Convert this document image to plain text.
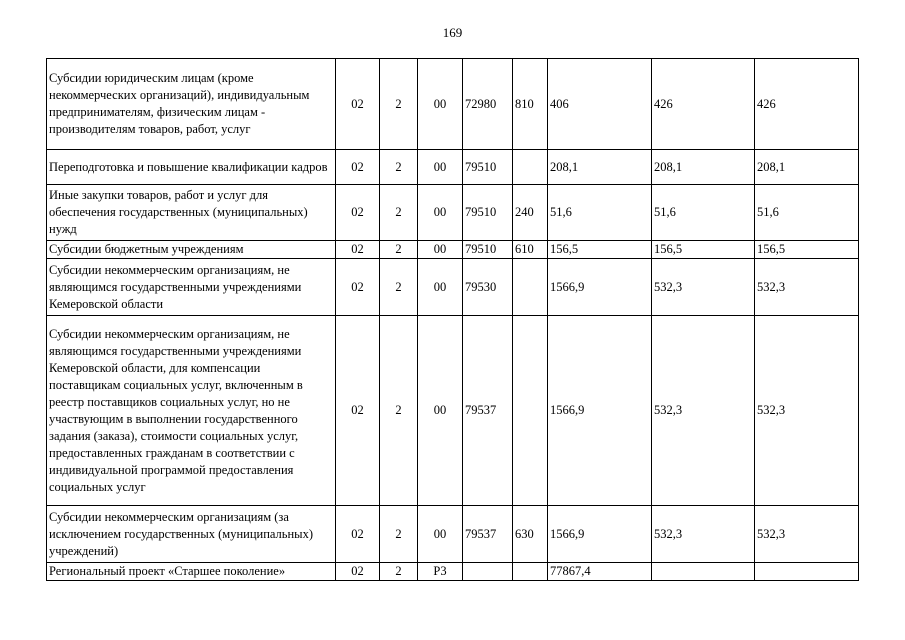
169
Субсидии юридическим лицам (кроме некоммерческих организаций), индивидуальным предпринимателям, физическим лицам - производителям товаров, работ, услуг	02	2	00	72980	810	406	426	426
Переподготовка и повышение квалификации кадров	02	2	00	79510		208,1	208,1	208,1
Иные закупки товаров, работ и услуг для обеспечения государственных (муниципальных) нужд	02	2	00	79510	240	51,6	51,6	51,6
Субсидии бюджетным учреждениям	02	2	00	79510	610	156,5	156,5	156,5
Субсидии некоммерческим организациям, не являющимся государственными учреждениями Кемеровской области	02	2	00	79530		1566,9	532,3	532,3
Субсидии некоммерческим организациям, не являющимся государственными учреждениями Кемеровской области, для компенсации поставщикам социальных услуг, включенным в реестр поставщиков социальных услуг, но не участвующим в выполнении государственного задания (заказа), стоимости социальных услуг, предоставленных гражданам в соответствии с индивидуальной программой предоставления социальных услуг	02	2	00	79537		1566,9	532,3	532,3
Субсидии некоммерческим организациям (за исключением государственных (муниципальных) учреждений)	02	2	00	79537	630	1566,9	532,3	532,3
Региональный проект «Старшее поколение»	02	2	P3			77867,4		
